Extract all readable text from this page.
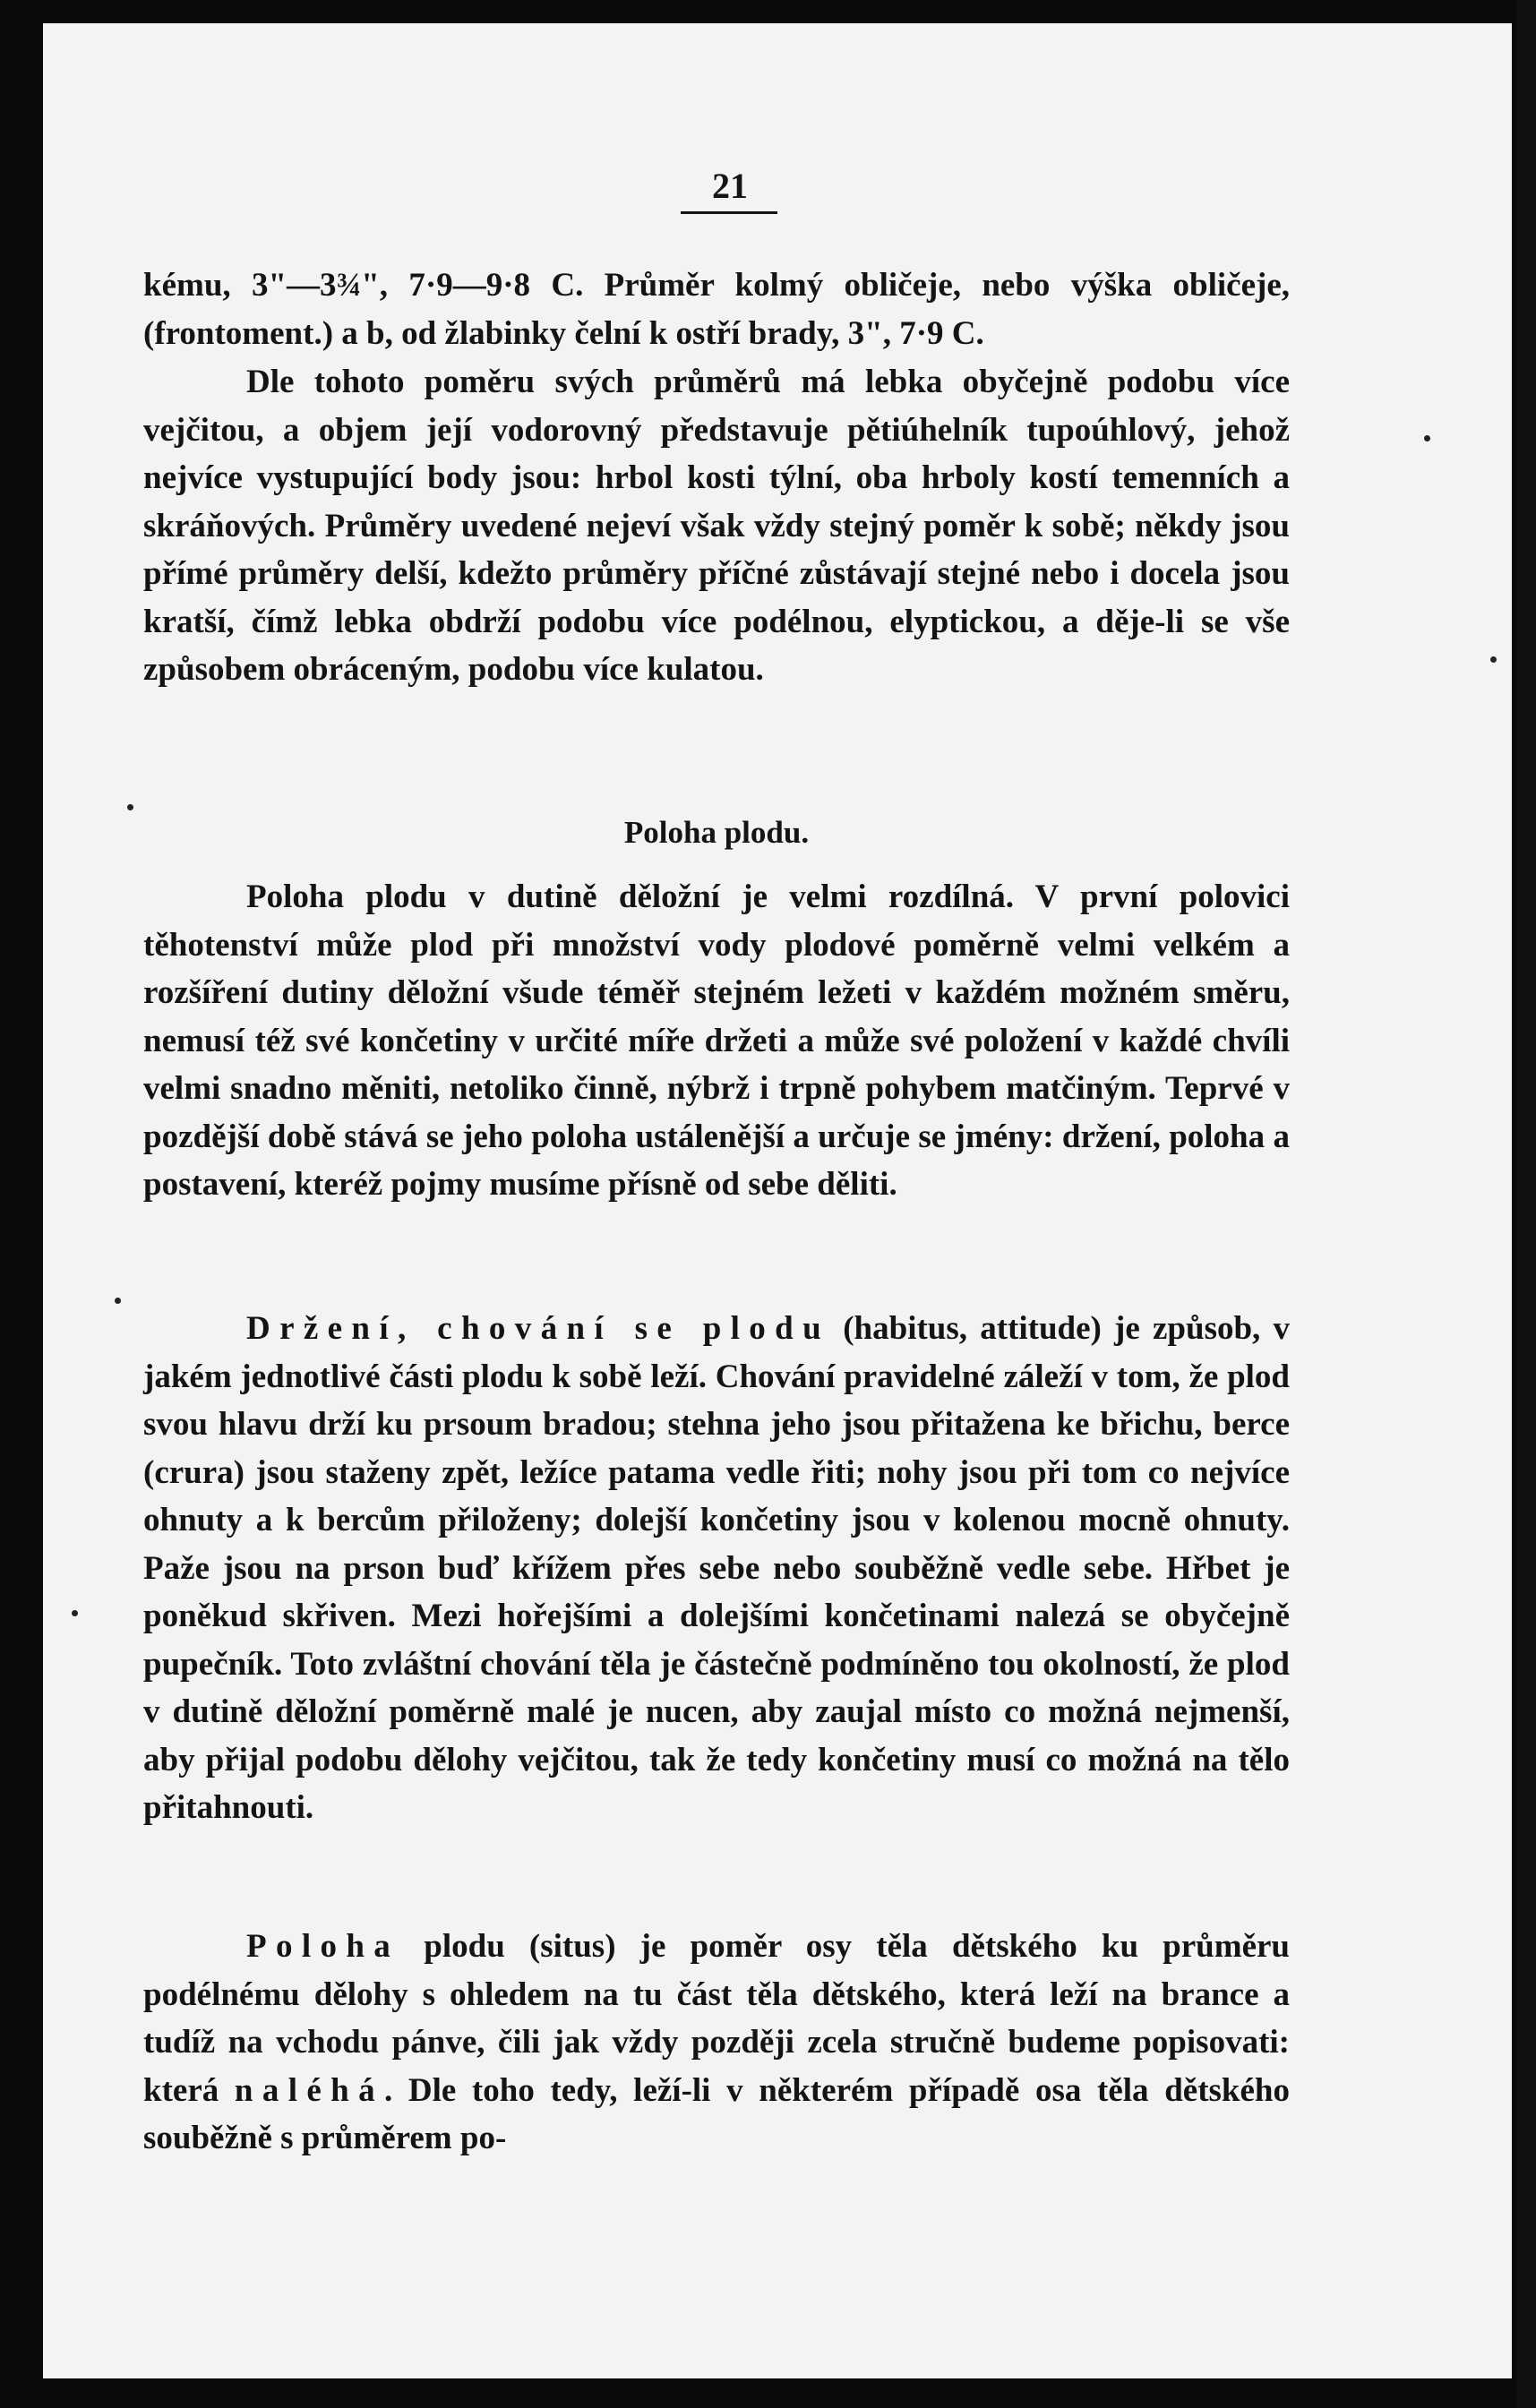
21
kému, 3"—3¾", 7·9—9·8 C. Průměr kolmý obličeje, nebo výška obličeje, (frontoment.) a b, od žlabinky čelní k ostří brady, 3", 7·9 C.
Dle tohoto poměru svých průměrů má lebka obyčejně podobu více vejčitou, a objem její vodorovný představuje pětiúhelník tupoúhlový, jehož nejvíce vystupující body jsou: hrbol kosti týlní, oba hrboly kostí temenních a skráňových. Průměry uvedené nejeví však vždy stejný poměr k sobě; někdy jsou přímé průměry delší, kdežto průměry příčné zůstávají stejné nebo i docela jsou kratší, čímž lebka obdrží podobu více podélnou, elyptickou, a děje-li se vše způsobem obráceným, podobu více kulatou.
Poloha plodu.
Poloha plodu v dutině děložní je velmi rozdílná. V první polovici těhotenství může plod při množství vody plodové poměrně velmi velkém a rozšíření dutiny děložní všude téměř stejném ležeti v každém možném směru, nemusí též své končetiny v určité míře držeti a může své položení v každé chvíli velmi snadno měniti, netoliko činně, nýbrž i trpně pohybem matčiným. Teprvé v pozdější době stává se jeho poloha ustálenější a určuje se jmény: držení, poloha a postavení, kteréž pojmy musíme přísně od sebe děliti.
Držení, chování se plodu (habitus, attitude) je způsob, v jakém jednotlivé části plodu k sobě leží. Chování pravidelné záleží v tom, že plod svou hlavu drží ku prsoum bradou; stehna jeho jsou přitažena ke břichu, berce (crura) jsou staženy zpět, ležíce patama vedle řiti; nohy jsou při tom co nejvíce ohnuty a k bercům přiloženy; dolejší končetiny jsou v kolenou mocně ohnuty. Paže jsou na prson buď křížem přes sebe nebo souběžně vedle sebe. Hřbet je poněkud skřiven. Mezi hořejšími a dolejšími končetinami nalezá se obyčejně pupečník. Toto zvláštní chování těla je částečně podmíněno tou okolností, že plod v dutině děložní poměrně malé je nucen, aby zaujal místo co možná nejmenší, aby přijal podobu dělohy vejčitou, tak že tedy končetiny musí co možná na tělo přitahnouti.
Poloha plodu (situs) je poměr osy těla dětského ku průměru podélnému dělohy s ohledem na tu část těla dětského, která leží na brance a tudíž na vchodu pánve, čili jak vždy později zcela stručně budeme popisovati: která naléhá. Dle toho tedy, leží-li v některém případě osa těla dětského souběžně s průměrem po-
